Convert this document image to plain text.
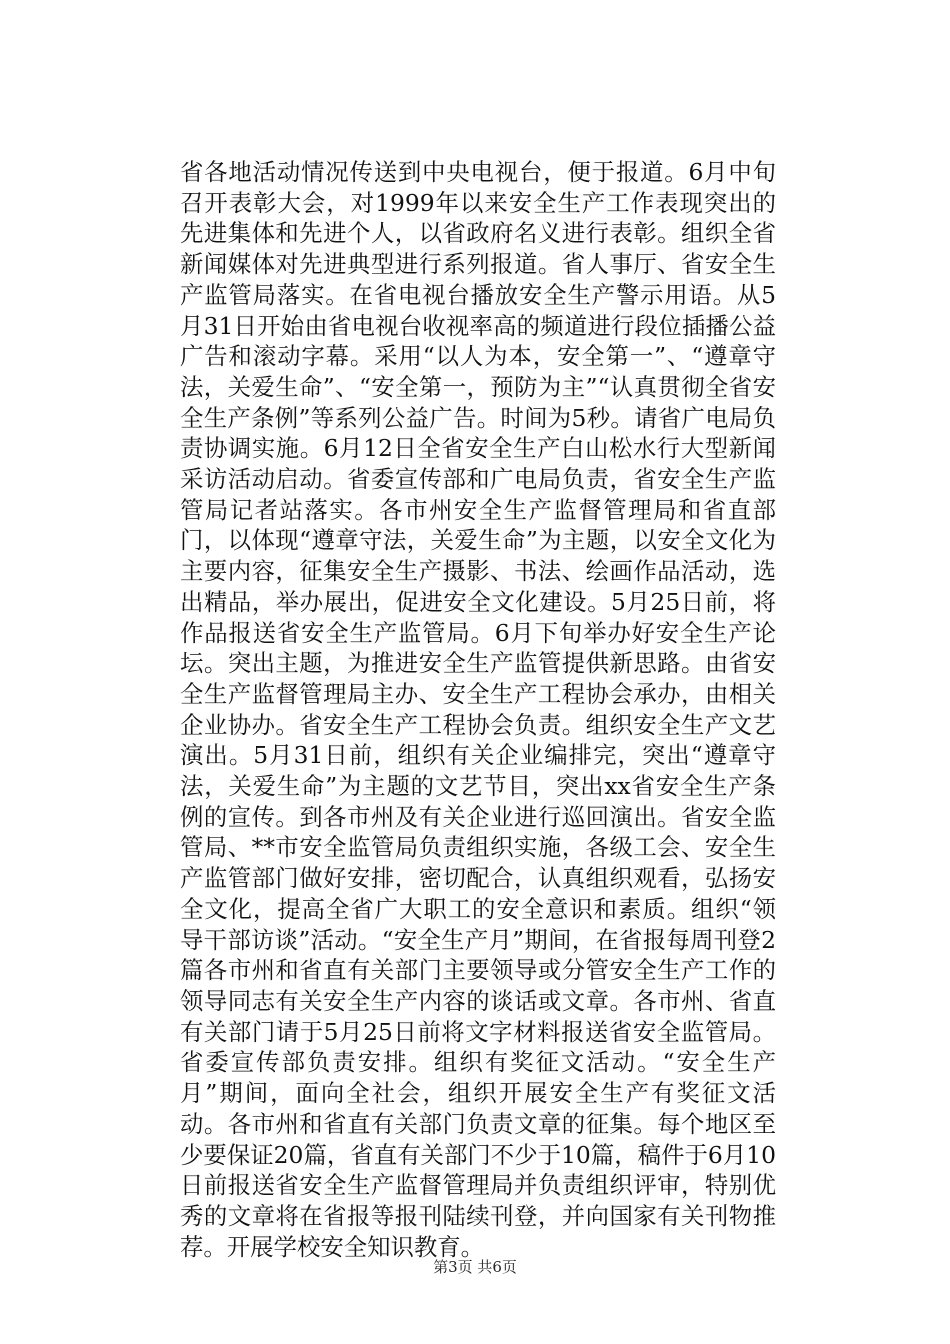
省各地活动情况传送到中央电视台，便于报道。6月中旬召开表彰大会，对1999年以来安全生产工作表现突出的先进集体和先进个人，以省政府名义进行表彰。组织全省新闻媒体对先进典型进行系列报道。省人事厅、省安全生产监管局落实。在省电视台播放安全生产警示用语。从5月31日开始由省电视台收视率高的频道进行段位插播公益广告和滚动字幕。采用“以人为本，安全第一”、“遵章守法，关爱生命”、“安全第一，预防为主”“认真贯彻全省安全生产条例”等系列公益广告。时间为5秒。请省广电局负责协调实施。6月12日全省安全生产白山松水行大型新闻采访活动启动。省委宣传部和广电局负责，省安全生产监管局记者站落实。各市州安全生产监督管理局和省直部门，以体现“遵章守法，关爱生命”为主题，以安全文化为主要内容，征集安全生产摄影、书法、绘画作品活动，选出精品，举办展出，促进安全文化建设。5月25日前，将作品报送省安全生产监管局。6月下旬举办好安全生产论坛。突出主题，为推进安全生产监管提供新思路。由省安全生产监督管理局主办、安全生产工程协会承办，由相关企业协办。省安全生产工程协会负责。组织安全生产文艺演出。5月31日前，组织有关企业编排完，突出“遵章守法，关爱生命”为主题的文艺节目，突出xx省安全生产条例的宣传。到各市州及有关企业进行巡回演出。省安全监管局、**市安全监管局负责组织实施，各级工会、安全生产监管部门做好安排，密切配合，认真组织观看，弘扬安全文化，提高全省广大职工的安全意识和素质。组织“领导干部访谈”活动。“安全生产月”期间，在省报每周刊登2篇各市州和省直有关部门主要领导或分管安全生产工作的领导同志有关安全生产内容的谈话或文章。各市州、省直有关部门请于5月25日前将文字材料报送省安全监管局。省委宣传部负责安排。组织有奖征文活动。“安全生产月”期间，面向全社会，组织开展安全生产有奖征文活动。各市州和省直有关部门负责文章的征集。每个地区至少要保证20篇，省直有关部门不少于10篇，稿件于6月10日前报送省安全生产监督管理局并负责组织评审，特别优秀的文章将在省报等报刊陆续刊登，并向国家有关刊物推荐。开展学校安全知识教育。

第3页 共6页
